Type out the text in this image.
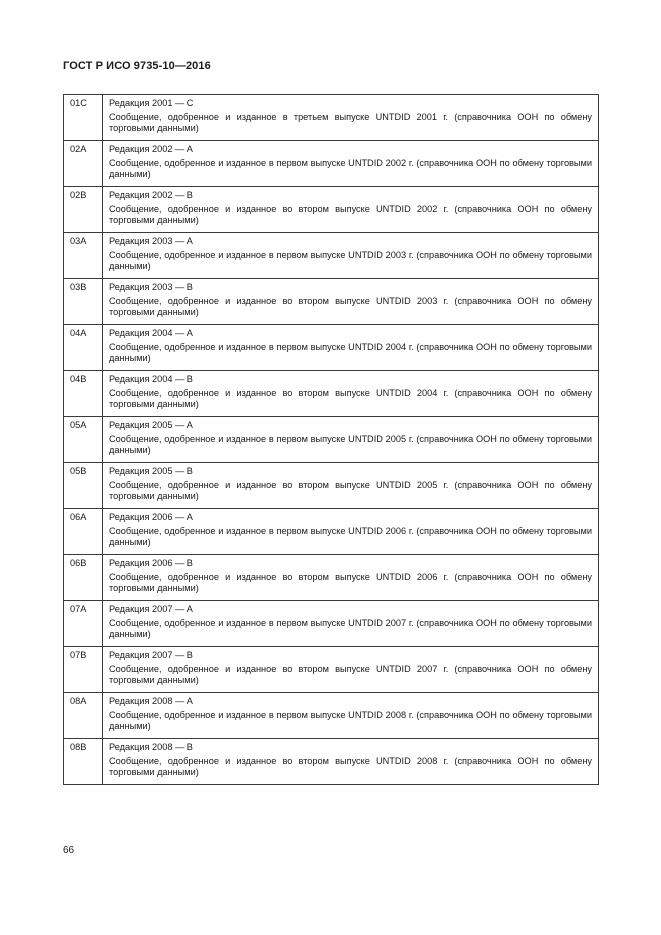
ГОСТ Р ИСО 9735-10—2016
01C	Редакция 2001 — C
Сообщение, одобренное и изданное в третьем выпуске UNTDID 2001 г. (справочника ООН по обмену торговыми данными)

02A	Редакция 2002 — A
Сообщение, одобренное и изданное в первом выпуске UNTDID 2002 г. (справочника ООН по обмену торговыми данными)

02B	Редакция 2002 — B
Сообщение, одобренное и изданное во втором выпуске UNTDID 2002 г. (справочника ООН по обмену торговыми данными)

03A	Редакция 2003 — A
Сообщение, одобренное и изданное в первом выпуске UNTDID 2003 г. (справочника ООН по обмену торговыми данными)

03B	Редакция 2003 — B
Сообщение, одобренное и изданное во втором выпуске UNTDID 2003 г. (справочника ООН по обмену торговыми данными)

04A	Редакция 2004 — A
Сообщение, одобренное и изданное в первом выпуске UNTDID 2004 г. (справочника ООН по обмену торговыми данными)

04B	Редакция 2004 — B
Сообщение, одобренное и изданное во втором выпуске UNTDID 2004 г. (справочника ООН по обмену торговыми данными)

05A	Редакция 2005 — A
Сообщение, одобренное и изданное в первом выпуске UNTDID 2005 г. (справочника ООН по обмену торговыми данными)

05B	Редакция 2005 — B
Сообщение, одобренное и изданное во втором выпуске UNTDID 2005 г. (справочника ООН по обмену торговыми данными)

06A	Редакция 2006 — A
Сообщение, одобренное и изданное в первом выпуске UNTDID 2006 г. (справочника ООН по обмену торговыми данными)

06B	Редакция 2006 — B
Сообщение, одобренное и изданное во втором выпуске UNTDID 2006 г. (справочника ООН по обмену торговыми данными)

07A	Редакция 2007 — A
Сообщение, одобренное и изданное в первом выпуске UNTDID 2007 г. (справочника ООН по обмену торговыми данными)

07B	Редакция 2007 — B
Сообщение, одобренное и изданное во втором выпуске UNTDID 2007 г. (справочника ООН по обмену торговыми данными)

08A	Редакция 2008 — A
Сообщение, одобренное и изданное в первом выпуске UNTDID 2008 г. (справочника ООН по обмену торговыми данными)

08B	Редакция 2008 — B
Сообщение, одобренное и изданное во втором выпуске UNTDID 2008 г. (справочника ООН по обмену торговыми данными)
66
